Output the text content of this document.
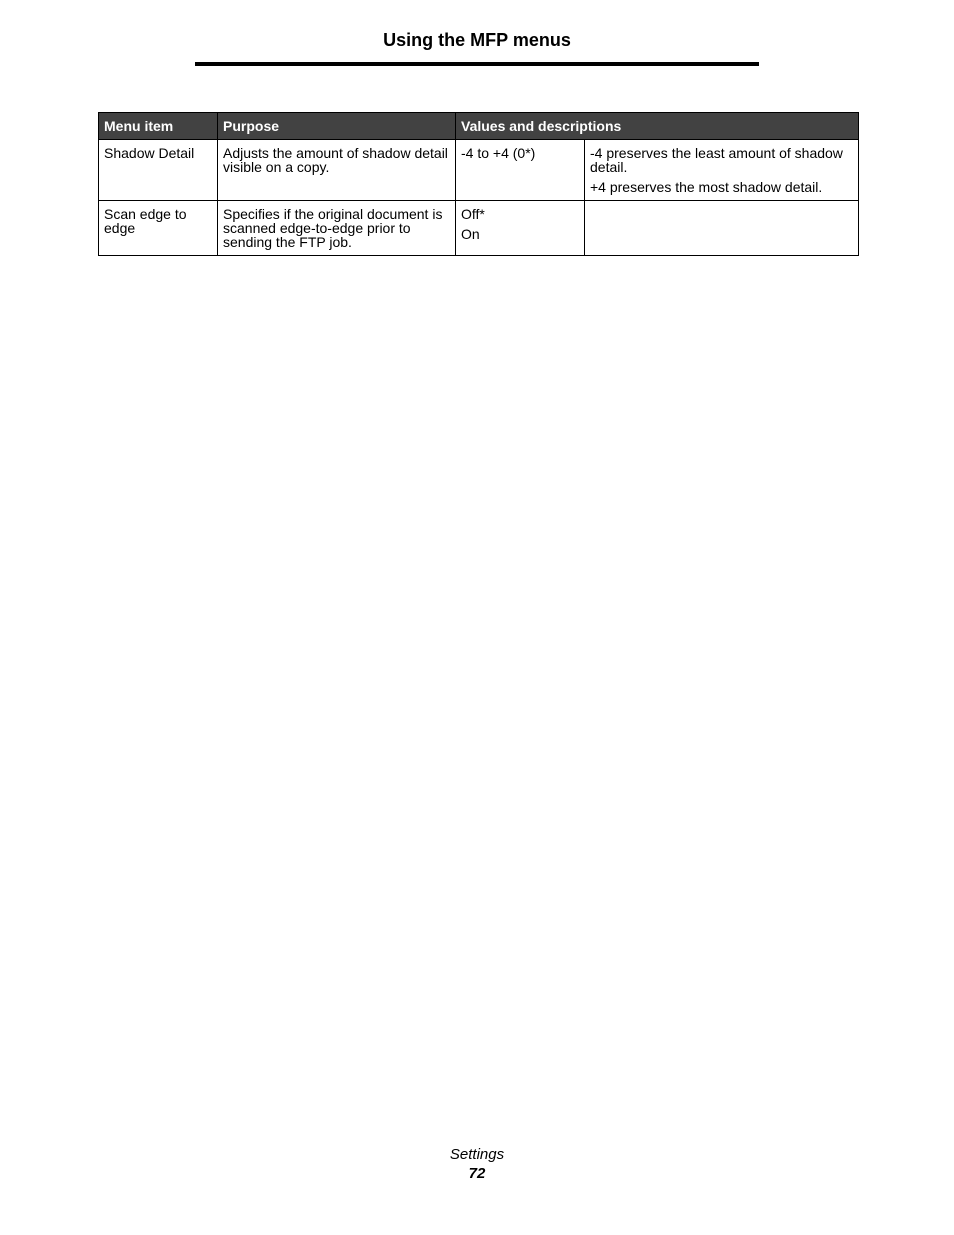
Using the MFP menus
Menu item	Purpose	Values and descriptions	
Shadow Detail	Adjusts the amount of shadow detail visible on a copy.	-4 to +4 (0*)	-4 preserves the least amount of shadow detail.
+4 preserves the most shadow detail.

Scan edge to edge	Specifies if the original document is scanned edge-to-edge prior to sending the FTP job.	Off*
On	

Settings
72
